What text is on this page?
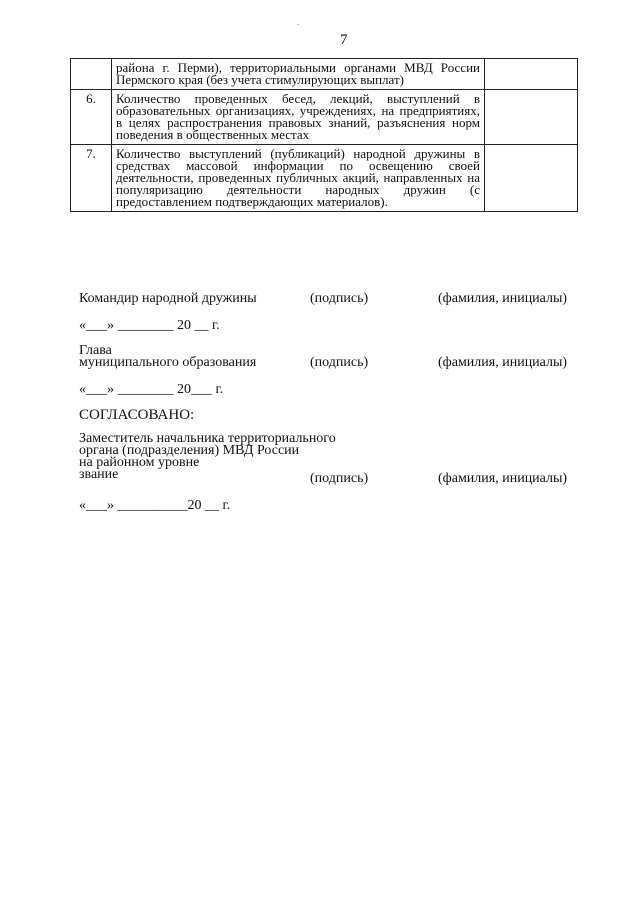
.
7
	района г. Перми), территориальными органами МВД России Пермского края (без учета стимулирующих выплат)	
6.	Количество проведенных бесед, лекций, выступлений в образовательных организациях, учреждениях, на предприятиях, в целях распространения правовых знаний, разъяснения норм поведения в общественных местах	
7.	Количество выступлений (публикаций) народной дружины в средствах массовой информации по освещению своей деятельности, проведенных публичных акций, направленных на популяризацию деятельности народных дружин (с предоставлением подтверждающих материалов).	
Командир народной дружины	(подпись)	(фамилия, инициалы)
«___» ________ 20 __ г.
Глава
муниципального образования	(подпись)	(фамилия, инициалы)
«___» ________ 20___ г.
СОГЛАСОВАНО:
Заместитель начальника территориального
органа (подразделения) МВД России
на районном уровне
звание	(подпись)	(фамилия, инициалы)
«___» __________20 __ г.
